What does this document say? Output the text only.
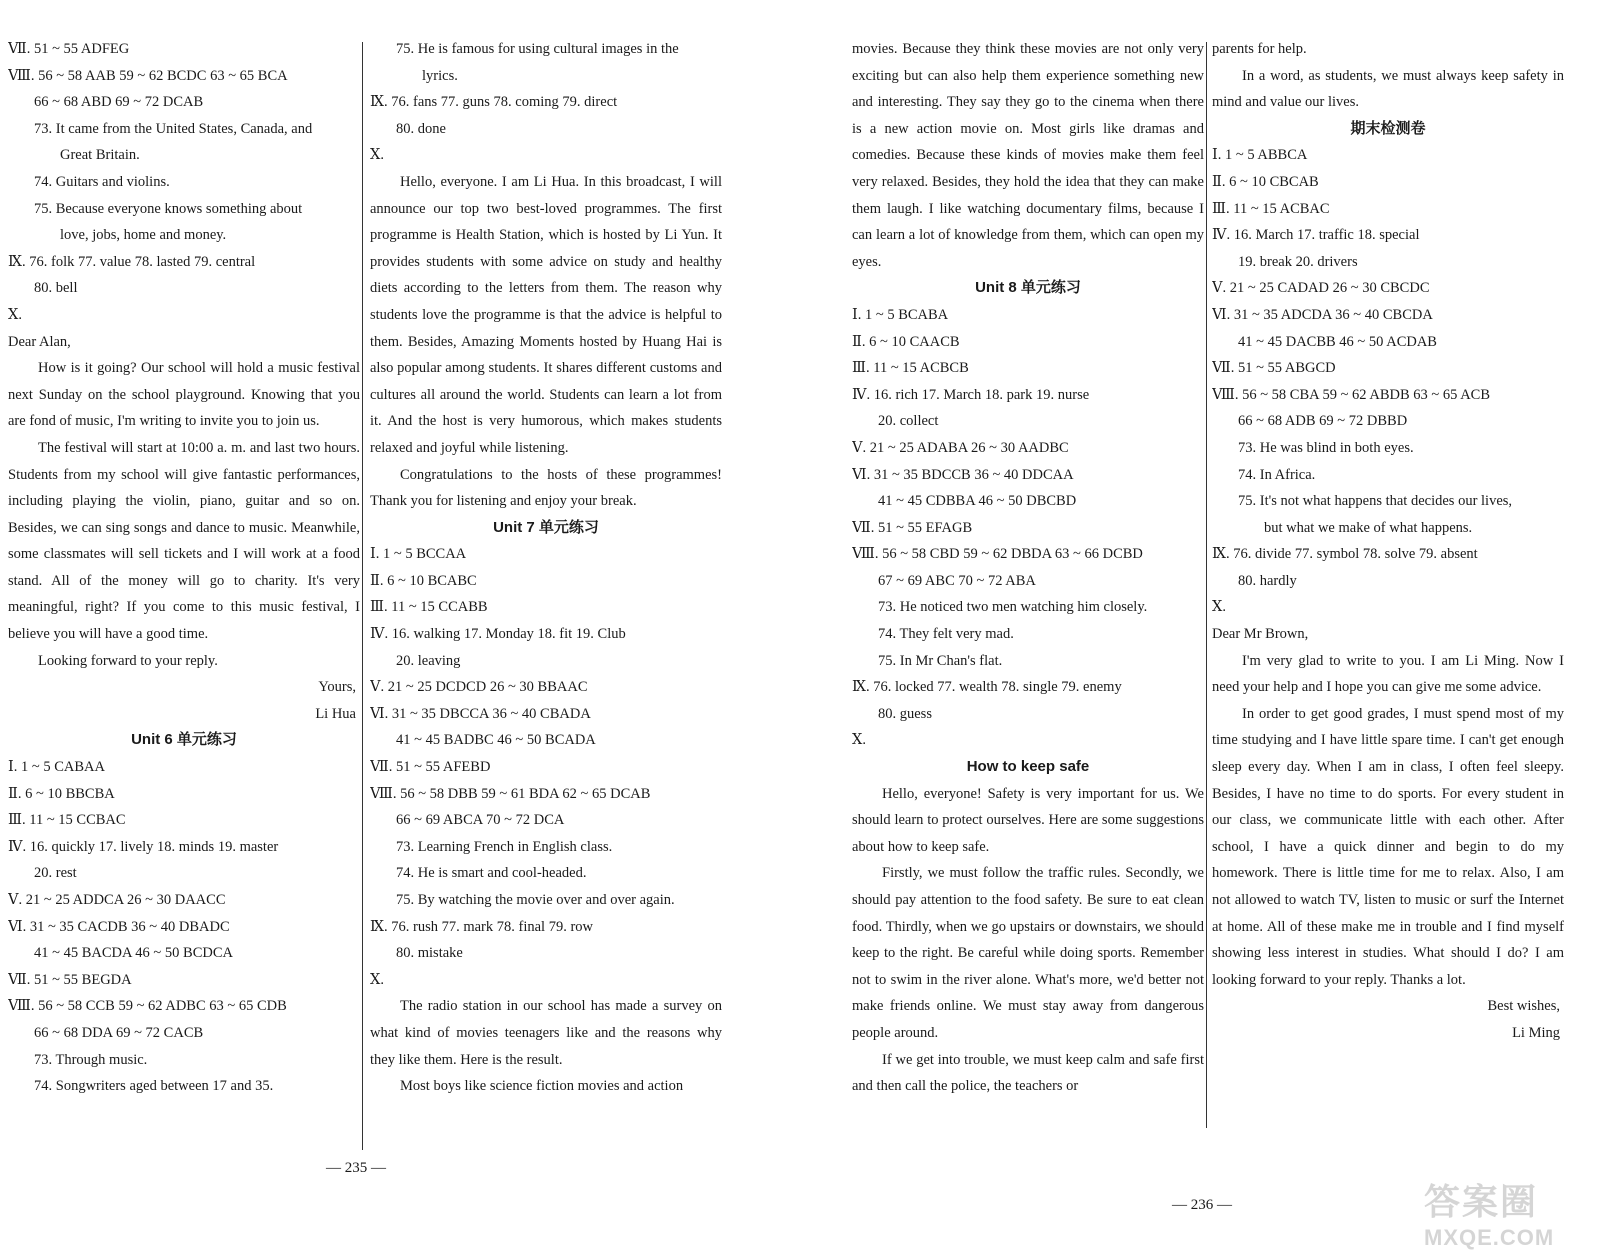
Ⅶ. 51 ~ 55 ADFEG
Ⅷ. 56 ~ 58 AAB 59 ~ 62 BCDC 63 ~ 65 BCA
66 ~ 68 ABD 69 ~ 72 DCAB
73. It came from the United States, Canada, and
Great Britain.
74. Guitars and violins.
75. Because everyone knows something about
love, jobs, home and money.
Ⅸ. 76. folk 77. value 78. lasted 79. central
80. bell
Ⅹ.
Dear Alan,

How is it going? Our school will hold a music festival next Sunday on the school playground. Knowing that you are fond of music, I'm writing to invite you to join us.

The festival will start at 10:00 a. m. and last two hours. Students from my school will give fantastic performances, including playing the violin, piano, guitar and so on. Besides, we can sing songs and dance to music. Meanwhile, some classmates will sell tickets and I will work at a food stand. All of the money will go to charity. It's very meaningful, right? If you come to this music festival, I believe you will have a good time.

Looking forward to your reply.

Yours,
Li Hua
Unit 6 单元练习
Ⅰ. 1 ~ 5 CABAA
Ⅱ. 6 ~ 10 BBCBA
Ⅲ. 11 ~ 15 CCBAC
Ⅳ. 16. quickly 17. lively 18. minds 19. master
20. rest
Ⅴ. 21 ~ 25 ADDCA 26 ~ 30 DAACC
Ⅵ. 31 ~ 35 CACDB 36 ~ 40 DBADC
41 ~ 45 BACDA 46 ~ 50 BCDCA
Ⅶ. 51 ~ 55 BEGDA
Ⅷ. 56 ~ 58 CCB 59 ~ 62 ADBC 63 ~ 65 CDB
66 ~ 68 DDA 69 ~ 72 CACB
73. Through music.
74. Songwriters aged between 17 and 35.
75. He is famous for using cultural images in the
lyrics.
Ⅸ. 76. fans 77. guns 78. coming 79. direct
80. done
Ⅹ.

Hello, everyone. I am Li Hua. In this broadcast, I will announce our top two best-loved programmes. The first programme is Health Station, which is hosted by Li Yun. It provides students with some advice on study and healthy diets according to the letters from them. The reason why students love the programme is that the advice is helpful to them. Besides, Amazing Moments hosted by Huang Hai is also popular among students. It shares different customs and cultures all around the world. Students can learn a lot from it. And the host is very humorous, which makes students relaxed and joyful while listening.

Congratulations to the hosts of these programmes! Thank you for listening and enjoy your break.

Unit 7 单元练习
Ⅰ. 1 ~ 5 BCCAA
Ⅱ. 6 ~ 10 BCABC
Ⅲ. 11 ~ 15 CCABB
Ⅳ. 16. walking 17. Monday 18. fit 19. Club
20. leaving
Ⅴ. 21 ~ 25 DCDCD 26 ~ 30 BBAAC
Ⅵ. 31 ~ 35 DBCCA 36 ~ 40 CBADA
41 ~ 45 BADBC 46 ~ 50 BCADA
Ⅶ. 51 ~ 55 AFEBD
Ⅷ. 56 ~ 58 DBB 59 ~ 61 BDA 62 ~ 65 DCAB
66 ~ 69 ABCA 70 ~ 72 DCA
73. Learning French in English class.
74. He is smart and cool-headed.
75. By watching the movie over and over again.
Ⅸ. 76. rush 77. mark 78. final 79. row
80. mistake
Ⅹ.

The radio station in our school has made a survey on what kind of movies teenagers like and the reasons why they like them. Here is the result.

Most boys like science fiction movies and action

movies. Because they think these movies are not only very exciting but can also help them experience something new and interesting. They say they go to the cinema when there is a new action movie on. Most girls like dramas and comedies. Because these kinds of movies make them feel very relaxed. Besides, they hold the idea that they can make them laugh. I like watching documentary films, because I can learn a lot of knowledge from them, which can open my eyes.

Unit 8 单元练习
Ⅰ. 1 ~ 5 BCABA
Ⅱ. 6 ~ 10 CAACB
Ⅲ. 11 ~ 15 ACBCB
Ⅳ. 16. rich 17. March 18. park 19. nurse
20. collect
Ⅴ. 21 ~ 25 ADABA 26 ~ 30 AADBC
Ⅵ. 31 ~ 35 BDCCB 36 ~ 40 DDCAA
41 ~ 45 CDBBA 46 ~ 50 DBCBD
Ⅶ. 51 ~ 55 EFAGB
Ⅷ. 56 ~ 58 CBD 59 ~ 62 DBDA 63 ~ 66 DCBD
67 ~ 69 ABC 70 ~ 72 ABA
73. He noticed two men watching him closely.
74. They felt very mad.
75. In Mr Chan's flat.
Ⅸ. 76. locked 77. wealth 78. single 79. enemy
80. guess
Ⅹ.
How to keep safe

Hello, everyone! Safety is very important for us. We should learn to protect ourselves. Here are some suggestions about how to keep safe.

Firstly, we must follow the traffic rules. Secondly, we should pay attention to the food safety. Be sure to eat clean food. Thirdly, when we go upstairs or downstairs, we should keep to the right. Be careful while doing sports. Remember not to swim in the river alone. What's more, we'd better not make friends online. We must stay away from dangerous people around.

If we get into trouble, we must keep calm and safe first and then call the police, the teachers or

parents for help.

In a word, as students, we must always keep safety in mind and value our lives.

期末检测卷
Ⅰ. 1 ~ 5 ABBCA
Ⅱ. 6 ~ 10 CBCAB
Ⅲ. 11 ~ 15 ACBAC
Ⅳ. 16. March 17. traffic 18. special
19. break 20. drivers
Ⅴ. 21 ~ 25 CADAD 26 ~ 30 CBCDC
Ⅵ. 31 ~ 35 ADCDA 36 ~ 40 CBCDA
41 ~ 45 DACBB 46 ~ 50 ACDAB
Ⅶ. 51 ~ 55 ABGCD
Ⅷ. 56 ~ 58 CBA 59 ~ 62 ABDB 63 ~ 65 ACB
66 ~ 68 ADB 69 ~ 72 DBBD
73. He was blind in both eyes.
74. In Africa.
75. It's not what happens that decides our lives,
but what we make of what happens.
Ⅸ. 76. divide 77. symbol 78. solve 79. absent
80. hardly
Ⅹ.
Dear Mr Brown,

I'm very glad to write to you. I am Li Ming. Now I need your help and I hope you can give me some advice.

In order to get good grades, I must spend most of my time studying and I have little spare time. I can't get enough sleep every day. When I am in class, I often feel sleepy. Besides, I have no time to do sports. For every student in our class, we communicate little with each other. After school, I have a quick dinner and begin to do my homework. There is little time for me to relax. Also, I am not allowed to watch TV, listen to music or surf the Internet at home. All of these make me in trouble and I find myself showing less interest in studies. What should I do? I am looking forward to your reply. Thanks a lot.

Best wishes,
Li Ming
— 235 —
— 236 —	答案圈
MXQE.COM
